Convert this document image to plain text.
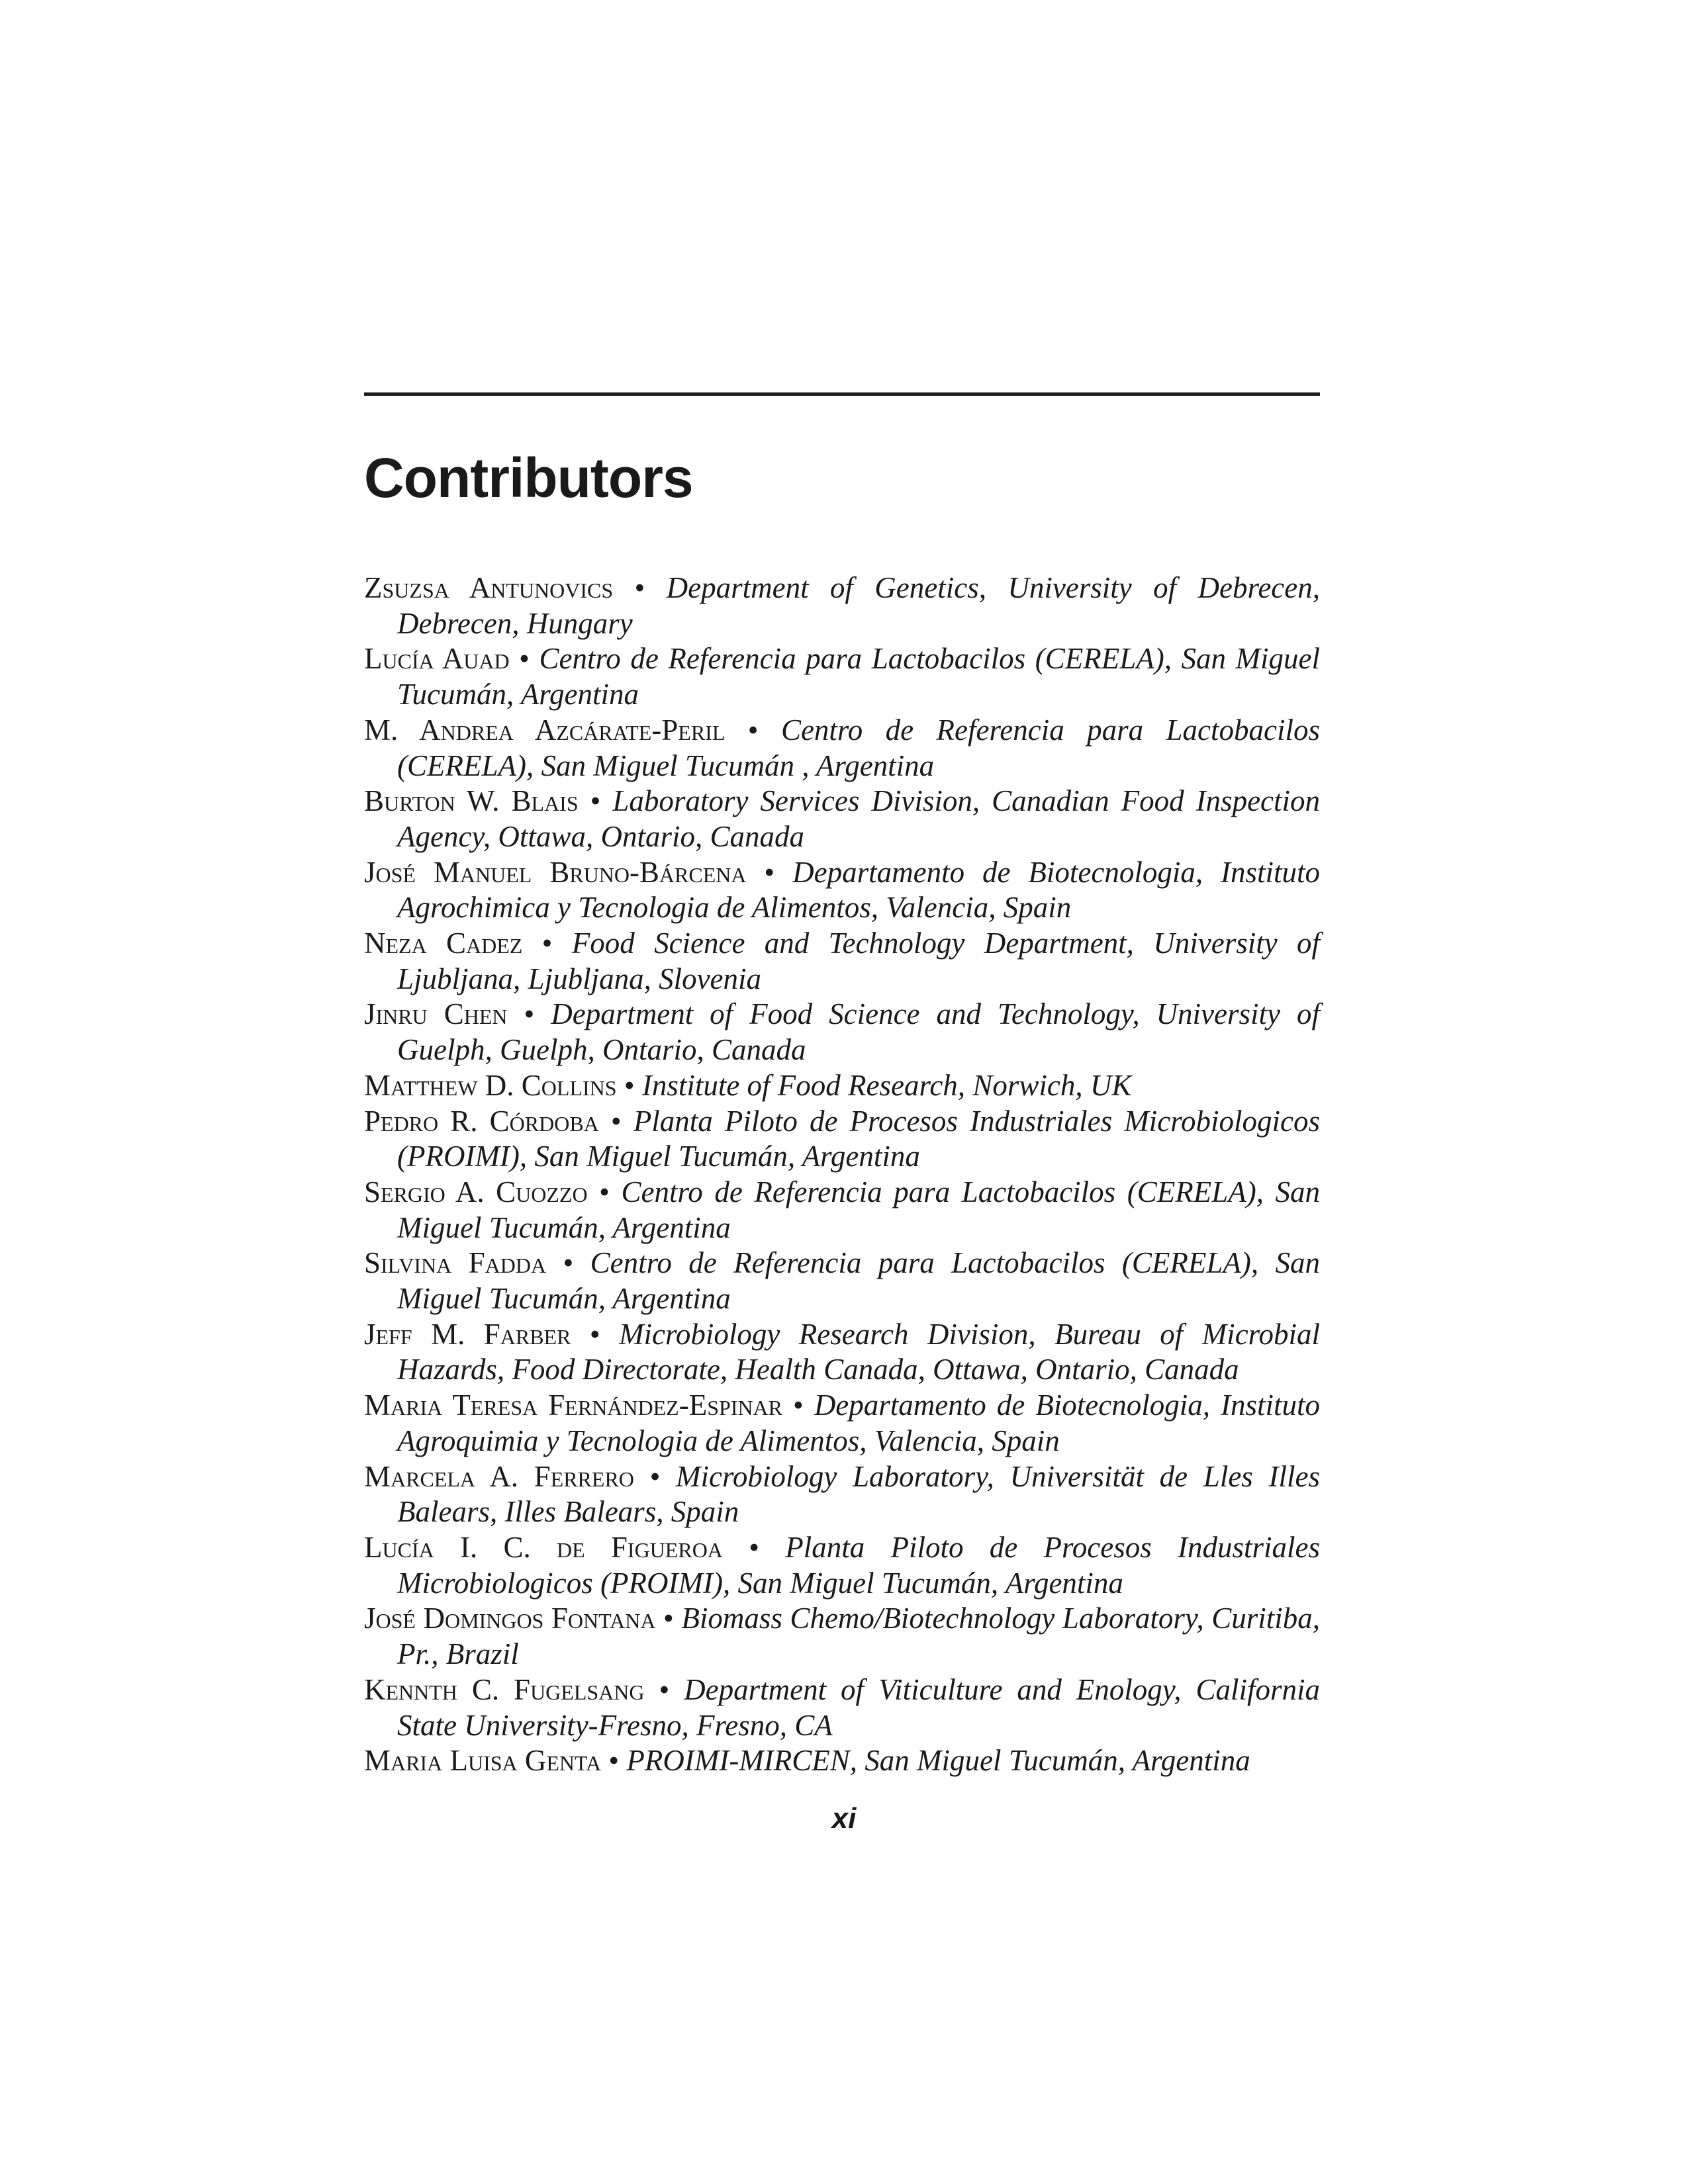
Contributors
Zsuzsa Antunovics • Department of Genetics, University of Debrecen, Debrecen, Hungary
Lucía Auad • Centro de Referencia para Lactobacilos (CERELA), San Miguel Tucumán, Argentina
M. Andrea Azcárate-Peril • Centro de Referencia para Lactobacilos (CERELA), San Miguel Tucumán , Argentina
Burton W. Blais • Laboratory Services Division, Canadian Food Inspection Agency, Ottawa, Ontario, Canada
José Manuel Bruno-Bárcena • Departamento de Biotecnologia, Instituto Agrochimica y Tecnologia de Alimentos, Valencia, Spain
Neza Cadez • Food Science and Technology Department, University of Ljubljana, Ljubljana, Slovenia
Jinru Chen • Department of Food Science and Technology, University of Guelph, Guelph, Ontario, Canada
Matthew D. Collins • Institute of Food Research, Norwich, UK
Pedro R. Córdoba • Planta Piloto de Procesos Industriales Microbiologicos (PROIMI), San Miguel Tucumán, Argentina
Sergio A. Cuozzo • Centro de Referencia para Lactobacilos (CERELA), San Miguel Tucumán, Argentina
Silvina Fadda • Centro de Referencia para Lactobacilos (CERELA), San Miguel Tucumán, Argentina
Jeff M. Farber • Microbiology Research Division, Bureau of Microbial Hazards, Food Directorate, Health Canada, Ottawa, Ontario, Canada
Maria Teresa Fernández-Espinar • Departamento de Biotecnologia, Instituto Agroquimia y Tecnologia de Alimentos, Valencia, Spain
Marcela A. Ferrero • Microbiology Laboratory, Universität de Lles Illes Balears, Illes Balears, Spain
Lucía I. C. de Figueroa • Planta Piloto de Procesos Industriales Microbiologicos (PROIMI), San Miguel Tucumán, Argentina
José Domingos Fontana • Biomass Chemo/Biotechnology Laboratory, Curitiba, Pr., Brazil
Kennth C. Fugelsang • Department of Viticulture and Enology, California State University-Fresno, Fresno, CA
Maria Luisa Genta • PROIMI-MIRCEN, San Miguel Tucumán, Argentina
xi
